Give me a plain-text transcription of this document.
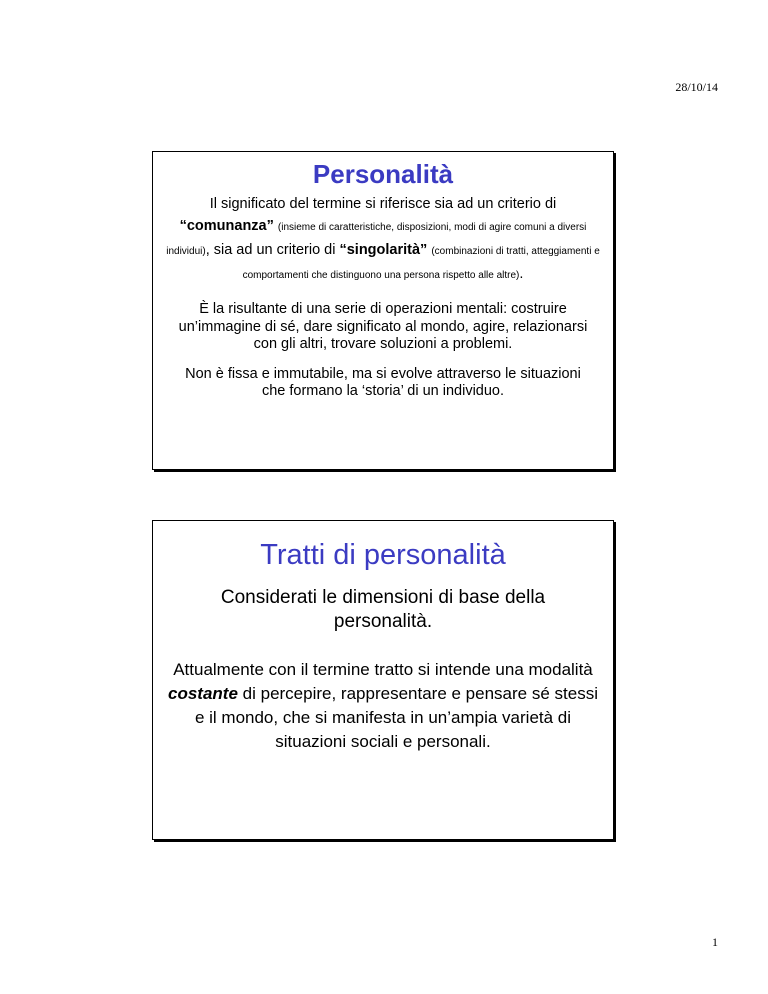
28/10/14
Personalità

Il significato del termine si riferisce sia ad un criterio di “comunanza” (insieme di caratteristiche, disposizioni, modi di agire comuni a diversi individui), sia ad un criterio di “singolarità” (combinazioni di tratti, atteggiamenti e comportamenti che distinguono una persona rispetto alle altre).

È la risultante di una serie di operazioni mentali: costruire un’immagine di sé, dare significato al mondo, agire, relazionarsi con gli altri, trovare soluzioni a problemi.

Non è fissa e immutabile, ma si evolve attraverso le situazioni che formano la ‘storia’ di un individuo.

Tratti di personalità

Considerati le dimensioni di base della personalità.

Attualmente con il termine tratto si intende una modalità costante di percepire, rappresentare e pensare sé stessi e il mondo, che si manifesta in un’ampia varietà di situazioni sociali e personali.

1
